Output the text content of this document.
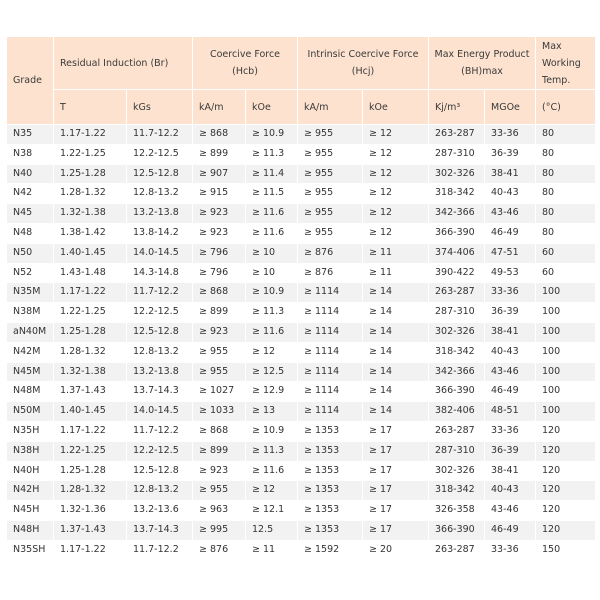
Grade	Residual Induction (Br)		Coercive Force (Hcb)		Intrinsic Coercive Force (Hcj)		Max Energy Product (BH)max		Max Working Temp.
	T	kGs	kA/m	kOe	kA/m	kOe	Kj/m³	MGOe	(°C)
N35	1.17-1.22	11.7-12.2	≥ 868	≥ 10.9	≥ 955	≥ 12	263-287	33-36	80
N38	1.22-1.25	12.2-12.5	≥ 899	≥ 11.3	≥ 955	≥ 12	287-310	36-39	80
N40	1.25-1.28	12.5-12.8	≥ 907	≥ 11.4	≥ 955	≥ 12	302-326	38-41	80
N42	1.28-1.32	12.8-13.2	≥ 915	≥ 11.5	≥ 955	≥ 12	318-342	40-43	80
N45	1.32-1.38	13.2-13.8	≥ 923	≥ 11.6	≥ 955	≥ 12	342-366	43-46	80
N48	1.38-1.42	13.8-14.2	≥ 923	≥ 11.6	≥ 955	≥ 12	366-390	46-49	80
N50	1.40-1.45	14.0-14.5	≥ 796	≥ 10	≥ 876	≥ 11	374-406	47-51	60
N52	1.43-1.48	14.3-14.8	≥ 796	≥ 10	≥ 876	≥ 11	390-422	49-53	60
N35M	1.17-1.22	11.7-12.2	≥ 868	≥ 10.9	≥ 1114	≥ 14	263-287	33-36	100
N38M	1.22-1.25	12.2-12.5	≥ 899	≥ 11.3	≥ 1114	≥ 14	287-310	36-39	100
aN40M	1.25-1.28	12.5-12.8	≥ 923	≥ 11.6	≥ 1114	≥ 14	302-326	38-41	100
N42M	1.28-1.32	12.8-13.2	≥ 955	≥ 12	≥ 1114	≥ 14	318-342	40-43	100
N45M	1.32-1.38	13.2-13.8	≥ 955	≥ 12.5	≥ 1114	≥ 14	342-366	43-46	100
N48M	1.37-1.43	13.7-14.3	≥ 1027	≥ 12.9	≥ 1114	≥ 14	366-390	46-49	100
N50M	1.40-1.45	14.0-14.5	≥ 1033	≥ 13	≥ 1114	≥ 14	382-406	48-51	100
N35H	1.17-1.22	11.7-12.2	≥ 868	≥ 10.9	≥ 1353	≥ 17	263-287	33-36	120
N38H	1.22-1.25	12.2-12.5	≥ 899	≥ 11.3	≥ 1353	≥ 17	287-310	36-39	120
N40H	1.25-1.28	12.5-12.8	≥ 923	≥ 11.6	≥ 1353	≥ 17	302-326	38-41	120
N42H	1.28-1.32	12.8-13.2	≥ 955	≥ 12	≥ 1353	≥ 17	318-342	40-43	120
N45H	1.32-1.36	13.2-13.6	≥ 963	≥ 12.1	≥ 1353	≥ 17	326-358	43-46	120
N48H	1.37-1.43	13.7-14.3	≥ 995	12.5	≥ 1353	≥ 17	366-390	46-49	120
N35SH	1.17-1.22	11.7-12.2	≥ 876	≥ 11	≥ 1592	≥ 20	263-287	33-36	150
